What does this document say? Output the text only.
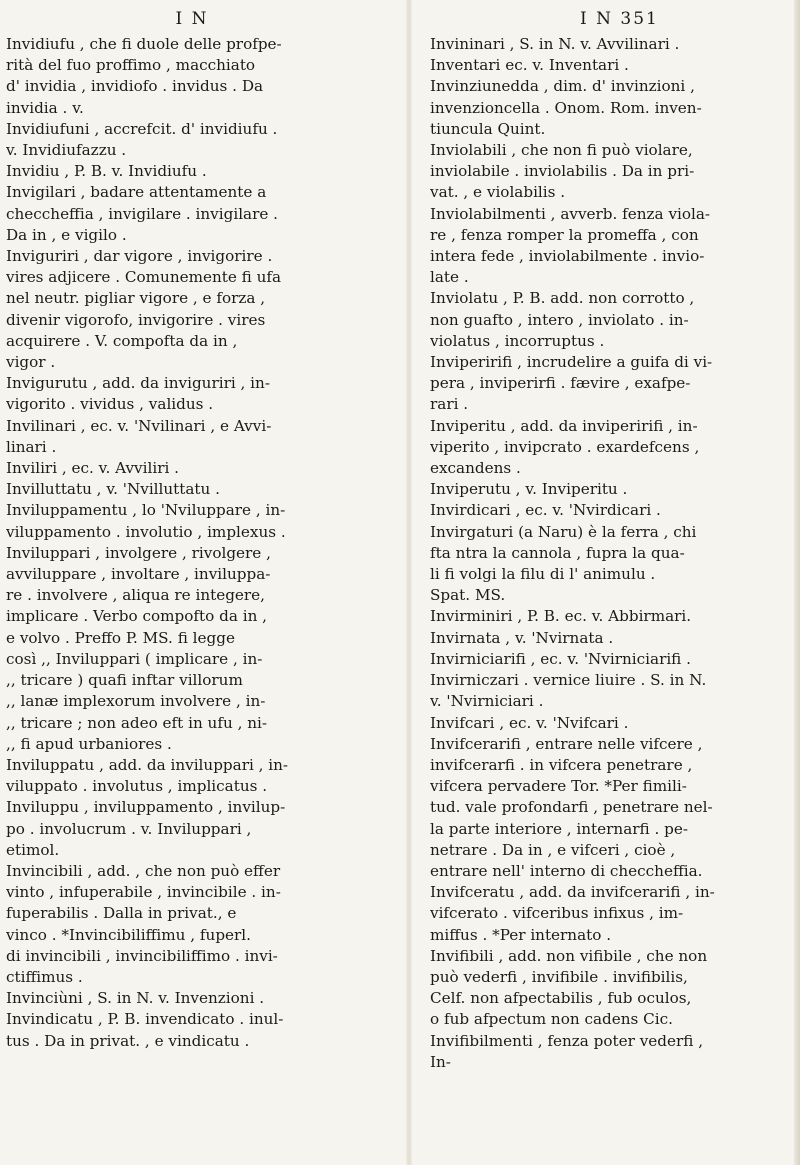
I N
Invidiufu , che fi duole delle profpe-
rità del fuo proffimo , macchiato
d' invidia , invidiofo . invidus . Da
invidia . v.
Invidiufuni , accrefcit. d' invidiufu .
v. Invidiufazzu .
Invidiu , P. B. v. Invidiufu .
Invigilari , badare attentamente a
checcheffia , invigilare . invigilare .
Da in , e vigilo .
Inviguriri , dar vigore , invigorire .
vires adjicere . Comunemente fi ufa
nel neutr. pigliar vigore , e forza ,
divenir vigorofo, invigorire . vires
acquirere . V. compofta da in ,
vigor .
Invigurutu , add. da inviguriri , in-
vigorito . vividus , validus .
Invilinari , ec. v. 'Nvilinari , e Avvi-
linari .
Inviliri , ec. v. Avviliri .
Invilluttatu , v. 'Nvilluttatu .
Inviluppamentu , lo 'Nviluppare , in-
viluppamento . involutio , implexus .
Inviluppari , involgere , rivolgere ,
avviluppare , involtare , inviluppa-
re . involvere , aliqua re integere,
implicare . Verbo compofto da in ,
e volvo . Preffo P. MS. fi legge
così ,, Inviluppari ( implicare , in-
,, tricare ) quafi inftar villorum
,, lanæ implexorum involvere , in-
,, tricare ; non adeo eft in ufu , ni-
,, fi apud urbaniores .
Inviluppatu , add. da inviluppari , in-
viluppato . involutus , implicatus .
Inviluppu , inviluppamento , invilup-
po . involucrum . v. Inviluppari ,
etimol.
Invincibili , add. , che non può effer
vinto , infuperabile , invincibile . in-
fuperabilis . Dalla in privat., e
vinco . *Invincibiliffimu , fuperl.
di invincibili , invincibiliffimo . invi-
ctiffimus .
Invinciùni , S. in N. v. Invenzioni .
Invindicatu , P. B. invendicato . inul-
tus . Da in privat. , e vindicatu .
I N 351
Invininari , S. in N. v. Avvilinari .
Inventari ec. v. Inventari .
Invinziunedda , dim. d' invinzioni ,
invenzioncella . Onom. Rom. inven-
tiuncula Quint.
Inviolabili , che non fi può violare,
inviolabile . inviolabilis . Da in pri-
vat. , e violabilis .
Inviolabilmenti , avverb. fenza viola-
re , fenza romper la promeffa , con
intera fede , inviolabilmente . invio-
late .
Inviolatu , P. B. add. non corrotto ,
non guafto , intero , inviolato . in-
violatus , incorruptus .
Inviperirifi , incrudelire a guifa di vi-
pera , inviperirfi . fævire , exafpe-
rari .
Inviperitu , add. da inviperirifi , in-
viperito , invipcrato . exardefcens ,
excandens .
Inviperutu , v. Inviperitu .
Invirdicari , ec. v. 'Nvirdicari .
Invirgaturi (a Naru) è la ferra , chi
fta ntra la cannola , fupra la qua-
li fi volgi la filu di l' animulu .
Spat. MS.
Invirminiri , P. B. ec. v. Abbirmari.
Invirnata , v. 'Nvirnata .
Invirniciarifi , ec. v. 'Nvirniciarifi .
Invirniczari . vernice liuire . S. in N.
v. 'Nvirniciari .
Invifcari , ec. v. 'Nvifcari .
Invifcerarifi , entrare nelle vifcere ,
invifcerarfi . in vifcera penetrare ,
vifcera pervadere Tor. *Per fimili-
tud. vale profondarfi , penetrare nel-
la parte interiore , internarfi . pe-
netrare . Da in , e vifceri , cioè ,
entrare nell' interno di checcheffia.
Invifceratu , add. da invifcerarifi , in-
vifcerato . vifceribus infixus , im-
miffus . *Per internato .
Invifibili , add. non vifibile , che non
può vederfi , invifibile . invifibilis,
Celf. non afpectabilis , fub oculos,
o fub afpectum non cadens Cic.
Invifibilmenti , fenza poter vederfi ,
In-
